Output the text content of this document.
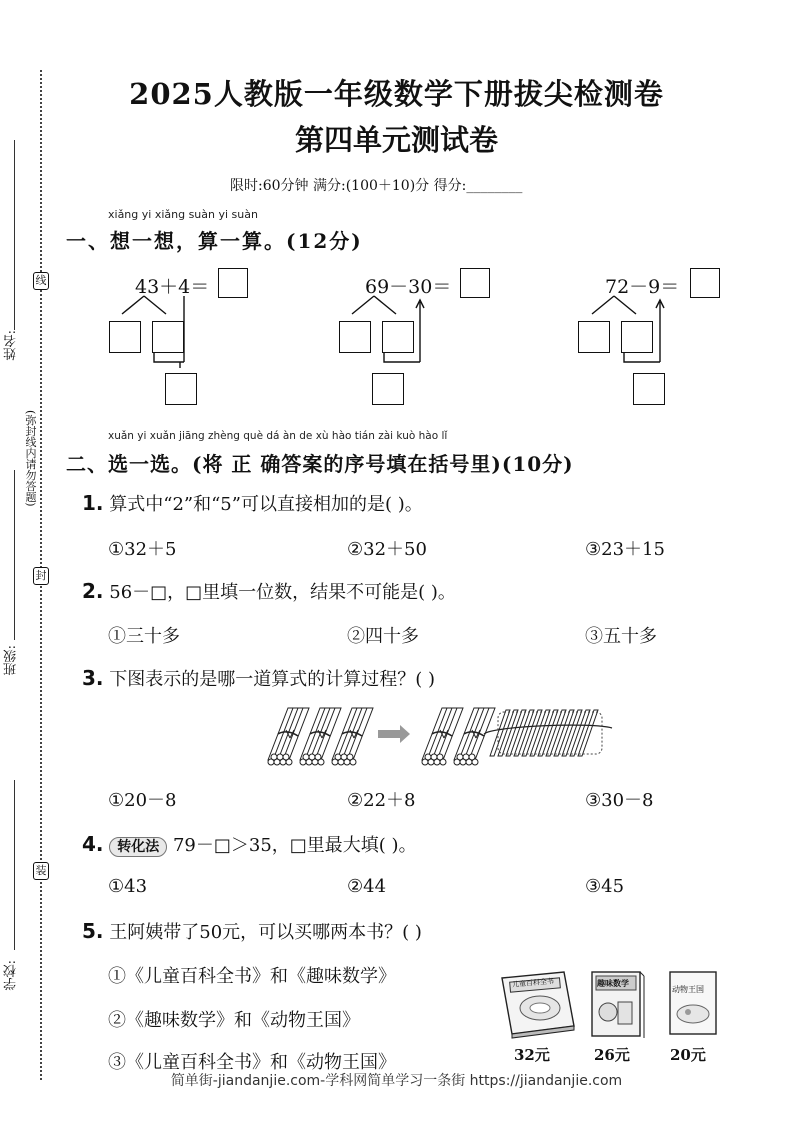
姓名:
(弥封线内请勿答题)
班级:
学校:
线
封
装
2025人教版一年级数学下册拔尖检测卷
第四单元测试卷
限时:60分钟 满分:(100＋10)分 得分:________
xiǎng yi xiǎng suàn yi suàn
一、想一想，算一算。(12分)
43＋4＝	69－30＝	72－9＝
xuǎn yi xuǎn jiāng zhèng què dá àn de xù hào tián zài kuò hào lǐ
二、选一选。(将 正 确答案的序号填在括号里)(10分)
1. 算式中“2”和“5”可以直接相加的是( )。
①32＋5	②32＋50	③23＋15
2. 56－□，□里填一位数，结果不可能是( )。
①三十多	②四十多	③五十多
3. 下图表示的是哪一道算式的计算过程？( )
①20－8	②22＋8	③30－8
4. 转化法 79－□＞35，□里最大填( )。
①43	②44	③45
5. 王阿姨带了50元，可以买哪两本书？( )
①《儿童百科全书》和《趣味数学》
②《趣味数学》和《动物王国》
③《儿童百科全书》和《动物王国》
儿童百科全书	趣味数学
动物王国
32元	26元	20元
简单街-jiandanjie.com-学科网简单学习一条街 https://jiandanjie.com
